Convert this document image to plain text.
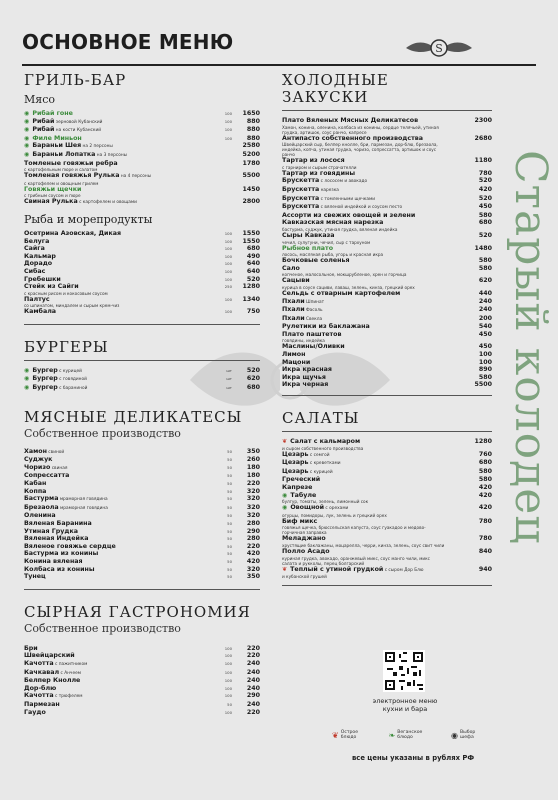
ОСНОВНОЕ МЕНЮ	S
ГРИЛЬ-БАР
Мясо
◉ Рибай гоне	100	1650
◉ Рибай зерновой Кубанский	100	880
◉ Рибай на кости Кубанский	100	880
◉ Филе Миньон	100	880
◉ Бараньи Шея на 2 персоны	2580
◉ Бараньи Лопатка на 3 персоны	5200
Томленые говяжьи ребра
с картофельным пюре и салатом
1780
Томленая говяжья Рулька на 4 персоны
с картофелем и овощным грилем
5500
Говяжьи щечки
с грибным соусом и пюре
1450
Свиная Рулька с картофелем и овощами	2800
Рыба и морепродукты
Осетрина Азовская, Дикая	100	1550
Белуга	100	1550
Сайга	100	680
Кальмар	100	490
Дорадо	100	640
Сибас	100	640
Гребешки	100	520
Стейк из Сайги
с красным рисом и кокосовым соусом
250	1280
Палтус
со шпинатом, миндалем и сырым крем-чиз
100	1340
Камбала	100	750
БУРГЕРЫ
◉ Бургер с курицей	шт	520
◉ Бургер с говядиной	шт	620
◉ Бургер с бараниной	шт	680
МЯСНЫЕ ДЕЛИКАТЕСЫ
Собственное производство
Хамон свиной	50	350
Суджук	50	260
Чоризо свиная	50	180
Сопрессатта	50	180
Кабан	50	220
Коппа	50	320
Бастурма мраморная говядина	50	320
Брезаола мраморная говядина	50	320
Оленина	50	320
Вяленая Баранина	50	280
Утиная Грудка	50	290
Вяленая Индейка	50	280
Вяленое говяжье сердце	50	220
Бастурма из конины	50	420
Конина вяленая	50	420
Колбаса из конины	50	320
Тунец	50	350
СЫРНАЯ ГАСТРОНОМИЯ
Собственное производство
Бри	100	220
Швейцарский	100	220
Качотта с пажитником	100	240
Качкавал с Анчеем	100	240
Белпер Кнолле	100	240
Дор-блю	100	240
Качотта с трюфелем	100	290
Пармезан	50	240
Гаудо	100	220
ХОЛОДНЫЕ
ЗАКУСКИ
Плато Вяленых Мясных Деликатесов
Хамон, конина, оленина, колбаса из конины, сердце телячьей, утиная грудка, артишок, соус ранчо, капресе
2300
Антипасто собственного производства
Швейцарский сыр, белпер кнолле, бри, пармезан, дор-блю, брезаола, индейка, копча, утиная грудка, чоризо, сопрессатта, артишок и соус ранчо
2680
Тартар из лосося
с гарниром и сырым страчателли
1180
Тартар из говядины	780
Брускетта с лососем и авокадо	520
Брускетта нарезка	420
Брускетта с томленными щечками	520
Брускетта с вяленой индейкой и соусом песто	450
Ассорти из свежих овощей и зелени	580
Кавказская мясная нарезка
бастурма, суджук, утиная грудка, вяленая индейка
680
Сыры Кавказа
чечил, сулугуни, чечил, сыр с тархуном
520
Рыбное плато
лосось, масляная рыба, угорь и красная икра
1480
Бочковые соленья	580
Сало
копченое, малосольное, мокшрубленое, хрен и горчица
580
Сацыви
курица в соусе сациви, лаваш, зелень, кинза, грецкий орех
620
Сельдь с отварным картофелем	440
Пхали Шпинат	240
Пхали Фасоль	240
Пхали Свекла	200
Рулетики из баклажана	540
Плато паштетов
говядины, индейка
450
Маслины/Оливки	450
Лимон	100
Мацони	100
Икра красная	890
Икра щучья	580
Икра черная	5500
САЛАТЫ
❦ Салат с кальмаром
и сыром собственного производства
1280
Цезарь с семгой	760
Цезарь с креветками	680
Цезарь с курицей	580
Греческий	580
Капрезе	420
◉ Табуле
булгур, томаты, зелень, лимонный сок
420
◉ Овощной с орехами
огурцы, помидоры, лук, зелень и грецкий орех
420
Биф микс
говяжья щечка, брюссельская капуста, соус гуакадоо и медово-горчичная заправка
780
Меладжано
хрустящие баклажаны, моцарелла, черри, кинза, зелень, соус свит чили
780
Полло Асадо
куриная грудка, авокадо, оранжевый микс, соус манго чили, микс салата и рукколы, перец болгарский
840
❦ Теплый с утиной грудкой с сыром Дор Блю
и кубанской грушей
940
Старый колодец
электронное меню
кухни и бара
❦ Острое блюдо	❧ Веганское блюдо	◉ Выбор шефа
все цены указаны в рублях РФ
